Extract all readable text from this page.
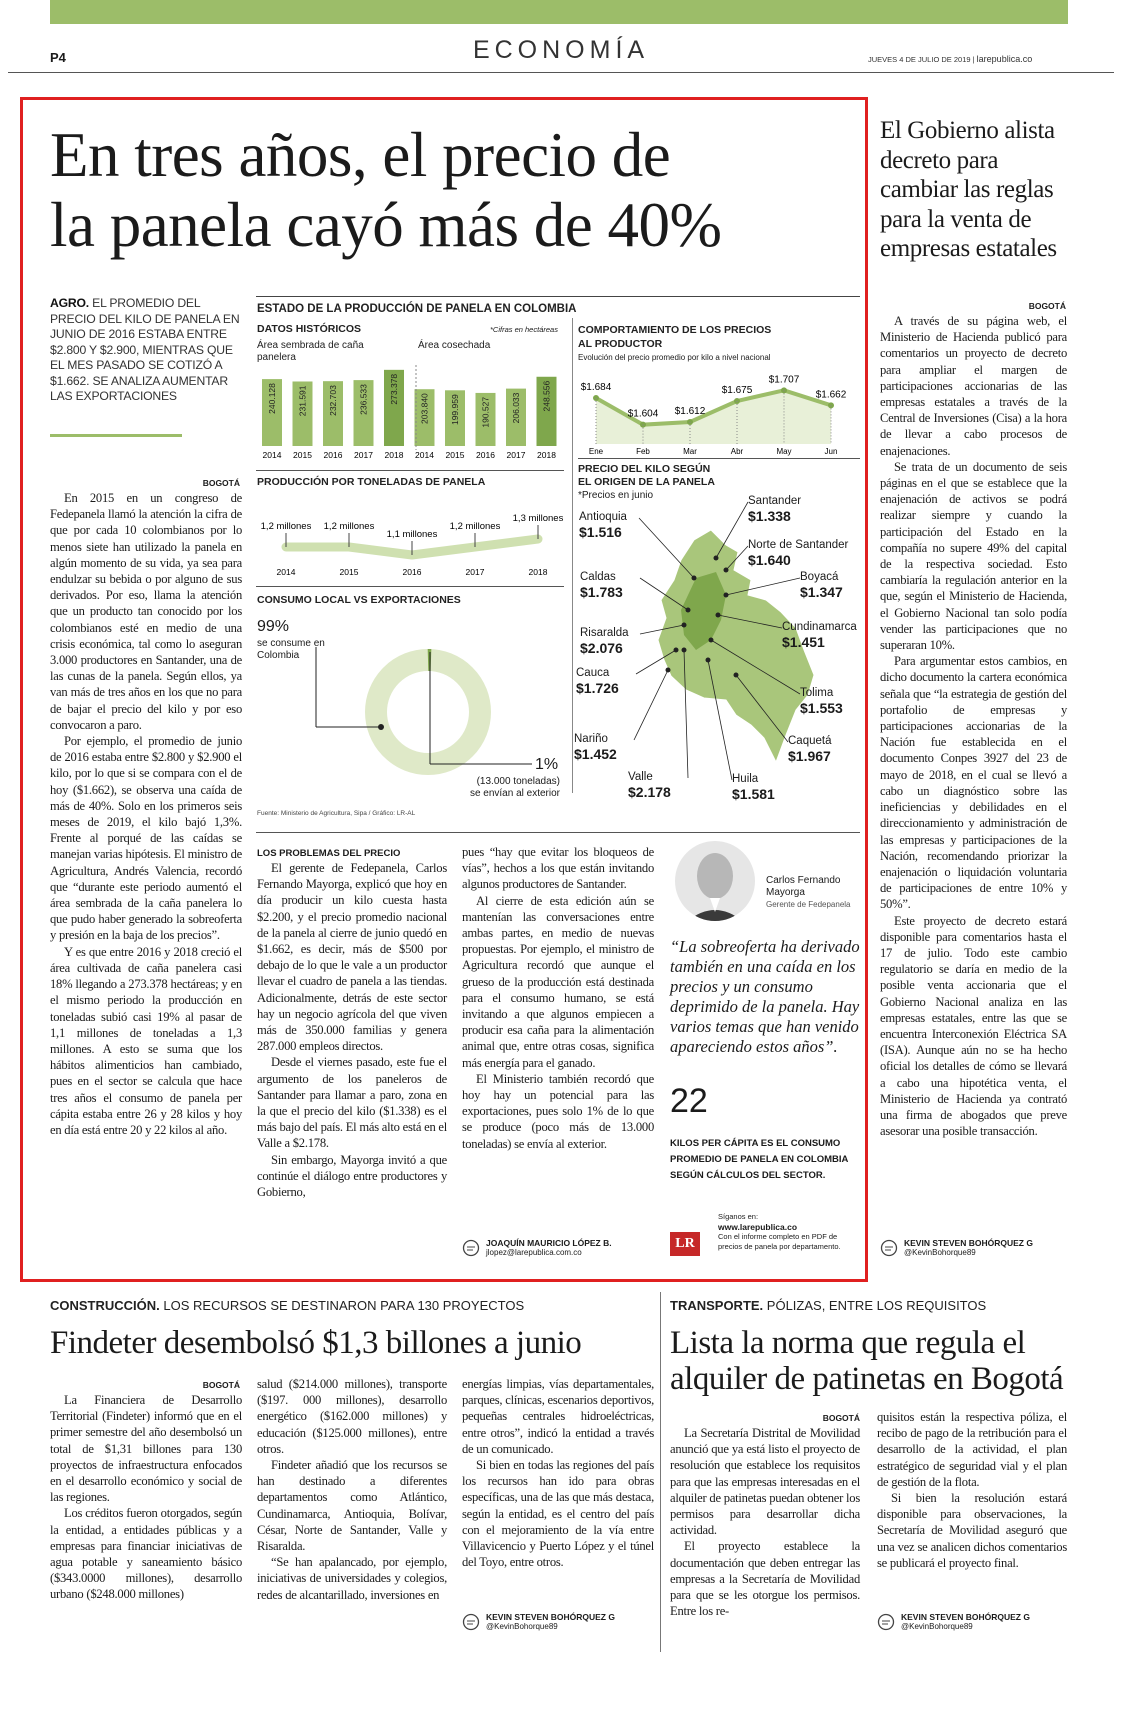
P4	ECONOMÍA	JUEVES 4 DE JULIO DE 2019 | larepublica.co
En tres años, el precio de
la panela cayó más de 40%
AGRO. EL PROMEDIO DEL PRECIO DEL KILO DE PANELA EN JUNIO DE 2016 ESTABA ENTRE $2.800 Y $2.900, MIENTRAS QUE EL MES PASADO SE COTIZÓ A $1.662. SE ANALIZA AUMENTAR LAS EXPORTACIONES
BOGOTÁ

En 2015 en un congreso de Fedepanela llamó la atención la cifra de que por cada 10 colombianos por lo menos siete han utilizado la panela en algún momento de su vida, ya sea para endulzar su bebida o por alguno de sus derivados. Por eso, llama la atención que un producto tan conocido por los colombianos esté en medio de una crisis económica, tal como lo aseguran 3.000 productores en Santander, una de las cunas de la panela. Según ellos, ya van más de tres años en los que no para de bajar el precio del kilo y por eso convocaron a paro.

Por ejemplo, el promedio de junio de 2016 estaba entre $2.800 y $2.900 el kilo, por lo que si se compara con el de hoy ($1.662), se observa una caída de más de 40%. Solo en los primeros seis meses de 2019, el kilo bajó 1,3%. Frente al porqué de las caídas se manejan varias hipótesis. El ministro de Agricultura, Andrés Valencia, recordó que “durante este periodo aumentó el área sembrada de la caña panelera lo que pudo haber generado la sobreoferta y presión en la baja de los precios”.

Y es que entre 2016 y 2018 creció el área cultivada de caña panelera casi 18% llegando a 273.378 hectáreas; y en el mismo periodo la producción en toneladas subió casi 19% al pasar de 1,1 millones de toneladas a 1,3 millones. A esto se suma que los hábitos alimenticios han cambiado, pues en el sector se calcula que hace tres años el consumo de panela per cápita estaba entre 26 y 28 kilos y hoy en día está entre 20 y 22 kilos al año.

ESTADO DE LA PRODUCCIÓN DE PANELA EN COLOMBIA
DATOS HISTÓRICOS	*Cifras en hectáreas
Área sembrada de caña panelera
Área cosechada
240.128
2014
231.591
2015
232.703
2016
236.533
2017
273.378
2018
203.840
2014
199.959
2015
190.527
2016
206.033
2017
248.556
2018
PRODUCCIÓN POR TONELADAS DE PANELA
1,2 millones
2014
1,2 millones
2015
1,1 millones
2016
1,2 millones
2017
1,3 millones
2018
CONSUMO LOCAL VS EXPORTACIONES
99%
se consume en Colombia
1%
(13.000 toneladas)
se envían al exterior
Fuente: Ministerio de Agricultura, Sipa / Gráfico: LR-AL
COMPORTAMIENTO DE LOS PRECIOS
AL PRODUCTOR
Evolución del precio promedio por kilo a nivel nacional
$1.684
Ene
$1.604
Feb
$1.612
Mar
$1.675
Abr
$1.707
May
$1.662
Jun
PRECIO DEL KILO SEGÚN
EL ORIGEN DE LA PANELA
*Precios en junio	Santander
$1.338
Antioquia
$1.516
Norte de Santander
$1.640
Caldas
$1.783
Boyacá
$1.347
Risaralda
$2.076
Cundinamarca
$1.451
Cauca
$1.726	Tolima
$1.553
Nariño
$1.452
Caquetá
$1.967
Valle
$2.178
Huila
$1.581
LOS PROBLEMAS DEL PRECIO

El gerente de Fedepanela, Carlos Fernando Mayorga, explicó que hoy en día producir un kilo cuesta hasta $2.200, y el precio promedio nacional de la panela al cierre de junio quedó en $1.662, es decir, más de $500 por debajo de lo que le vale a un productor llevar el cuadro de panela a las tiendas. Adicionalmente, detrás de este sector hay un negocio agrícola del que viven más de 350.000 familias y genera 287.000 empleos directos.

Desde el viernes pasado, este fue el argumento de los paneleros de Santander para llamar a paro, zona en la que el precio del kilo ($1.338) es el más bajo del país. El más alto está en el Valle a $2.178.

Sin embargo, Mayorga invitó a que continúe el diálogo entre productores y Gobierno,

pues “hay que evitar los bloqueos de vías”, hechos a los que están invitando algunos productores de Santander.

Al cierre de esta edición aún se mantenían las conversaciones entre ambas partes, en medio de nuevas propuestas. Por ejemplo, el ministro de Agricultura recordó que aunque el grueso de la producción está destinada para el consumo humano, se está invitando a que algunos empiecen a producir esa caña para la alimentación animal que, entre otras cosas, significa más energía para el ganado.

El Ministerio también recordó que hoy hay un potencial para las exportaciones, pues solo 1% de lo que se produce (poco más de 13.000 toneladas) se envía al exterior.

JOAQUÍN MAURICIO LÓPEZ B.
jlopez@larepublica.com.co
Carlos Fernando Mayorga
Gerente de Fedepanela
“La sobreoferta ha derivado también en una caída en los precios y un consumo deprimido de la panela. Hay varios temas que han venido apareciendo estos años”.
22
KILOS PER CÁPITA ES EL CONSUMO PROMEDIO DE PANELA EN COLOMBIA SEGÚN CÁLCULOS DEL SECTOR.
LR
Síganos en:
www.larepublica.co
Con el informe completo en PDF de precios de panela por departamento.
El Gobierno alista decreto para cambiar las reglas para la venta de empresas estatales
BOGOTÁ

A través de su página web, el Ministerio de Hacienda publicó para comentarios un proyecto de decreto para ampliar el margen de participaciones accionarias de las empresas estatales a través de la Central de Inversiones (Cisa) a la hora de llevar a cabo procesos de enajenaciones.

Se trata de un documento de seis páginas en el que se establece que la enajenación de activos se podrá realizar siempre y cuando la participación del Estado en la compañía no supere 49% del capital de la respectiva sociedad. Esto cambiaría la regulación anterior en la que, según el Ministerio de Hacienda, el Gobierno Nacional tan solo podía vender las participaciones que no superaran 10%.

Para argumentar estos cambios, en dicho documento la cartera económica señala que “la estrategia de gestión del portafolio de empresas y participaciones accionarias de la Nación fue establecida en el documento Conpes 3927 del 23 de mayo de 2018, en el cual se llevó a cabo un diagnóstico sobre las ineficiencias y debilidades en el direccionamiento y administración de las empresas y participaciones de la Nación, recomendando priorizar la enajenación o liquidación voluntaria de participaciones de entre 10% y 50%”.

Este proyecto de decreto estará disponible para comentarios hasta el 17 de julio. Todo este cambio regulatorio se daría en medio de la posible venta accionaria que el Gobierno Nacional analiza en las empresas estatales, entre las que se encuentra Interconexión Eléctrica SA (ISA). Aunque aún no se ha hecho oficial los detalles de cómo se llevará a cabo una hipotética venta, el Ministerio de Hacienda ya contrató una firma de abogados que preve asesorar una posible transacción.

KEVIN STEVEN BOHÓRQUEZ G
@KevinBohorque89
CONSTRUCCIÓN. LOS RECURSOS SE DESTINARON PARA 130 PROYECTOS
Findeter desembolsó $1,3 billones a junio
BOGOTÁ

La Financiera de Desarrollo Territorial (Findeter) informó que en el primer semestre del año desembolsó un total de $1,31 billones para 130 proyectos de infraestructura enfocados en el desarrollo económico y social de las regiones.

Los créditos fueron otorgados, según la entidad, a entidades públicas y a empresas para financiar iniciativas de agua potable y saneamiento básico ($343.0000 millones), desarrollo urbano ($248.000 millones)

salud ($214.000 millones), transporte ($197. 000 millones), desarrollo energético ($162.000 millones) y educación ($125.000 millones), entre otros.

Findeter añadió que los recursos se han destinado a diferentes departamentos como Atlántico, Cundinamarca, Antioquia, Bolívar, César, Norte de Santander, Valle y Risaralda.

“Se han apalancado, por ejemplo, iniciativas de universidades y colegios, redes de alcantarillado, inversiones en

energías limpias, vías departamentales, parques, clínicas, escenarios deportivos, pequeñas centrales hidroeléctricas, entre otros”, indicó la entidad a través de un comunicado.

Si bien en todas las regiones del país los recursos han ido para obras específicas, una de las que más destaca, según la entidad, es el centro del país con el mejoramiento de la vía entre Villavicencio y Puerto López y el túnel del Toyo, entre otros.

KEVIN STEVEN BOHÓRQUEZ G
@KevinBohorque89
TRANSPORTE. PÓLIZAS, ENTRE LOS REQUISITOS
Lista la norma que regula el alquiler de patinetas en Bogotá
BOGOTÁ

La Secretaría Distrital de Movilidad anunció que ya está listo el proyecto de resolución que establece los requisitos para que las empresas interesadas en el alquiler de patinetas puedan obtener los permisos para desarrollar dicha actividad.

El proyecto establece la documentación que deben entregar las empresas a la Secretaría de Movilidad para que se les otorgue los permisos. Entre los re-

quisitos están la respectiva póliza, el recibo de pago de la retribución para el desarrollo de la actividad, el plan estratégico de seguridad vial y el plan de gestión de la flota.

Si bien la resolución estará disponible para observaciones, la Secretaría de Movilidad aseguró que una vez se analicen dichos comentarios se publicará el proyecto final.

KEVIN STEVEN BOHÓRQUEZ G
@KevinBohorque89
